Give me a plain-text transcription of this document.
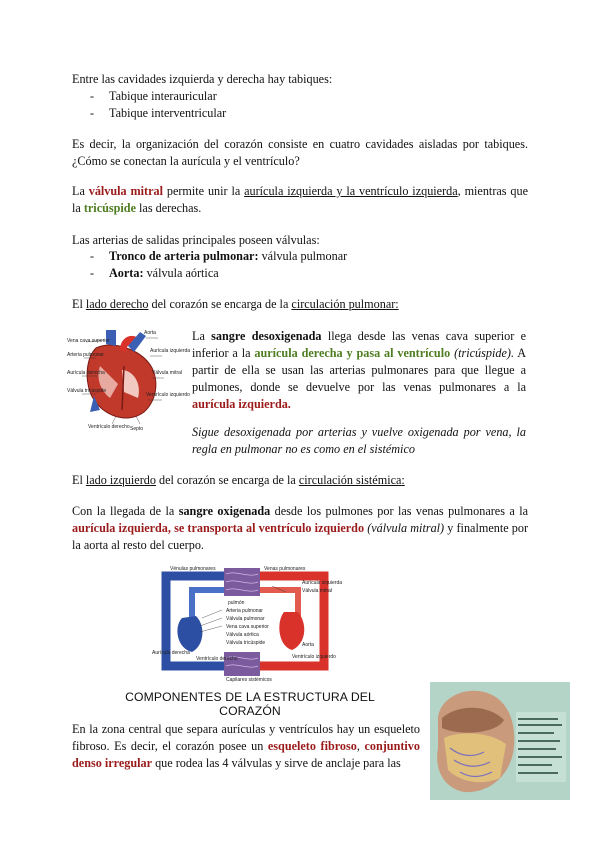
Entre las cavidades izquierda y derecha hay tabiques:

- Tabique interauricular
- Tabique interventricular

Es decir, la organización del corazón consiste en cuatro cavidades aisladas por tabiques. ¿Cómo se conectan la aurícula y el ventrículo?

La válvula mitral permite unir la aurícula izquierda y la ventrículo izquierda, mientras que la tricúspide las derechas.

Las arterias de salidas principales poseen válvulas:

- Tronco de arteria pulmonar: válvula pulmonar
- Aorta: válvula aórtica

El lado derecho del corazón se encarga de la circulación pulmonar:

Vena cava superior
Arteria pulmonar
Aurícula derecha
Válvula tricúspide
Ventrículo derecho
Aorta
Aurícula izquierda
Válvula mitral
Ventrículo izquierdo
Septo

La sangre desoxigenada llega desde las venas cava superior e inferior a la aurícula derecha y pasa al ventrículo (tricúspide). A partir de ella se usan las arterias pulmonares para que llegue a pulmones, donde se devuelve por las venas pulmonares a la aurícula izquierda.

Sigue desoxigenada por arterias y vuelve oxigenada por vena, la regla en pulmonar no es como en el sistémico

El lado izquierdo del corazón se encarga de la circulación sistémica:

Con la llegada de la sangre oxigenada desde los pulmones por las venas pulmonares a la aurícula izquierda, se transporta al ventrículo izquierdo (válvula mitral) y finalmente por la aorta al resto del cuerpo.

Vénulas pulmonares	Venas pulmonares
Aurícula izquierda
Válvula mitral
pulmón
Arteria pulmonar
Válvula pulmonar
Vena cava superior
Válvula aórtica
Válvula tricúspide
Aurícula derecha
Ventrículo derecho
Aorta
Ventrículo izquierdo
Capilares sistémicos
COMPONENTES DE LA ESTRUCTURA DEL CORAZÓN

En la zona central que separa aurículas y ventrículos hay un esqueleto fibroso. Es decir, el corazón posee un esqueleto fibroso, conjuntivo denso irregular que rodea las 4 válvulas y sirve de anclaje para las
